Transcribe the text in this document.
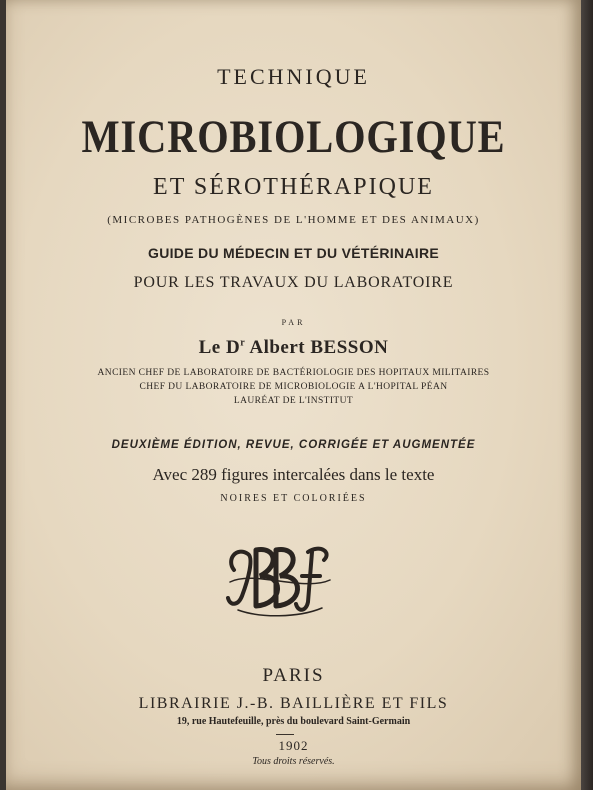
TECHNIQUE
MICROBIOLOGIQUE
ET SÉROTHÉRAPIQUE
(MICROBES PATHOGÈNES DE L'HOMME ET DES ANIMAUX)
GUIDE DU MÉDECIN ET DU VÉTÉRINAIRE
POUR LES TRAVAUX DU LABORATOIRE
PAR
Le $D^r$ Albert BESSON
ANCIEN CHEF DE LABORATOIRE DE BACTÉRIOLOGIE DES HOPITAUX MILITAIRES
CHEF DU LABORATOIRE DE MICROBIOLOGIE A L'HOPITAL PÉAN
LAURÉAT DE L'INSTITUT
DEUXIÈME ÉDITION, REVUE, CORRIGÉE ET AUGMENTÉE
Avec 289 figures intercalées dans le texte
NOIRES ET COLORIÉES
PARIS
LIBRAIRIE J.-B. BAILLIÈRE ET FILS
19, rue Hautefeuille, près du boulevard Saint-Germain
1902
Tous droits réservés.
